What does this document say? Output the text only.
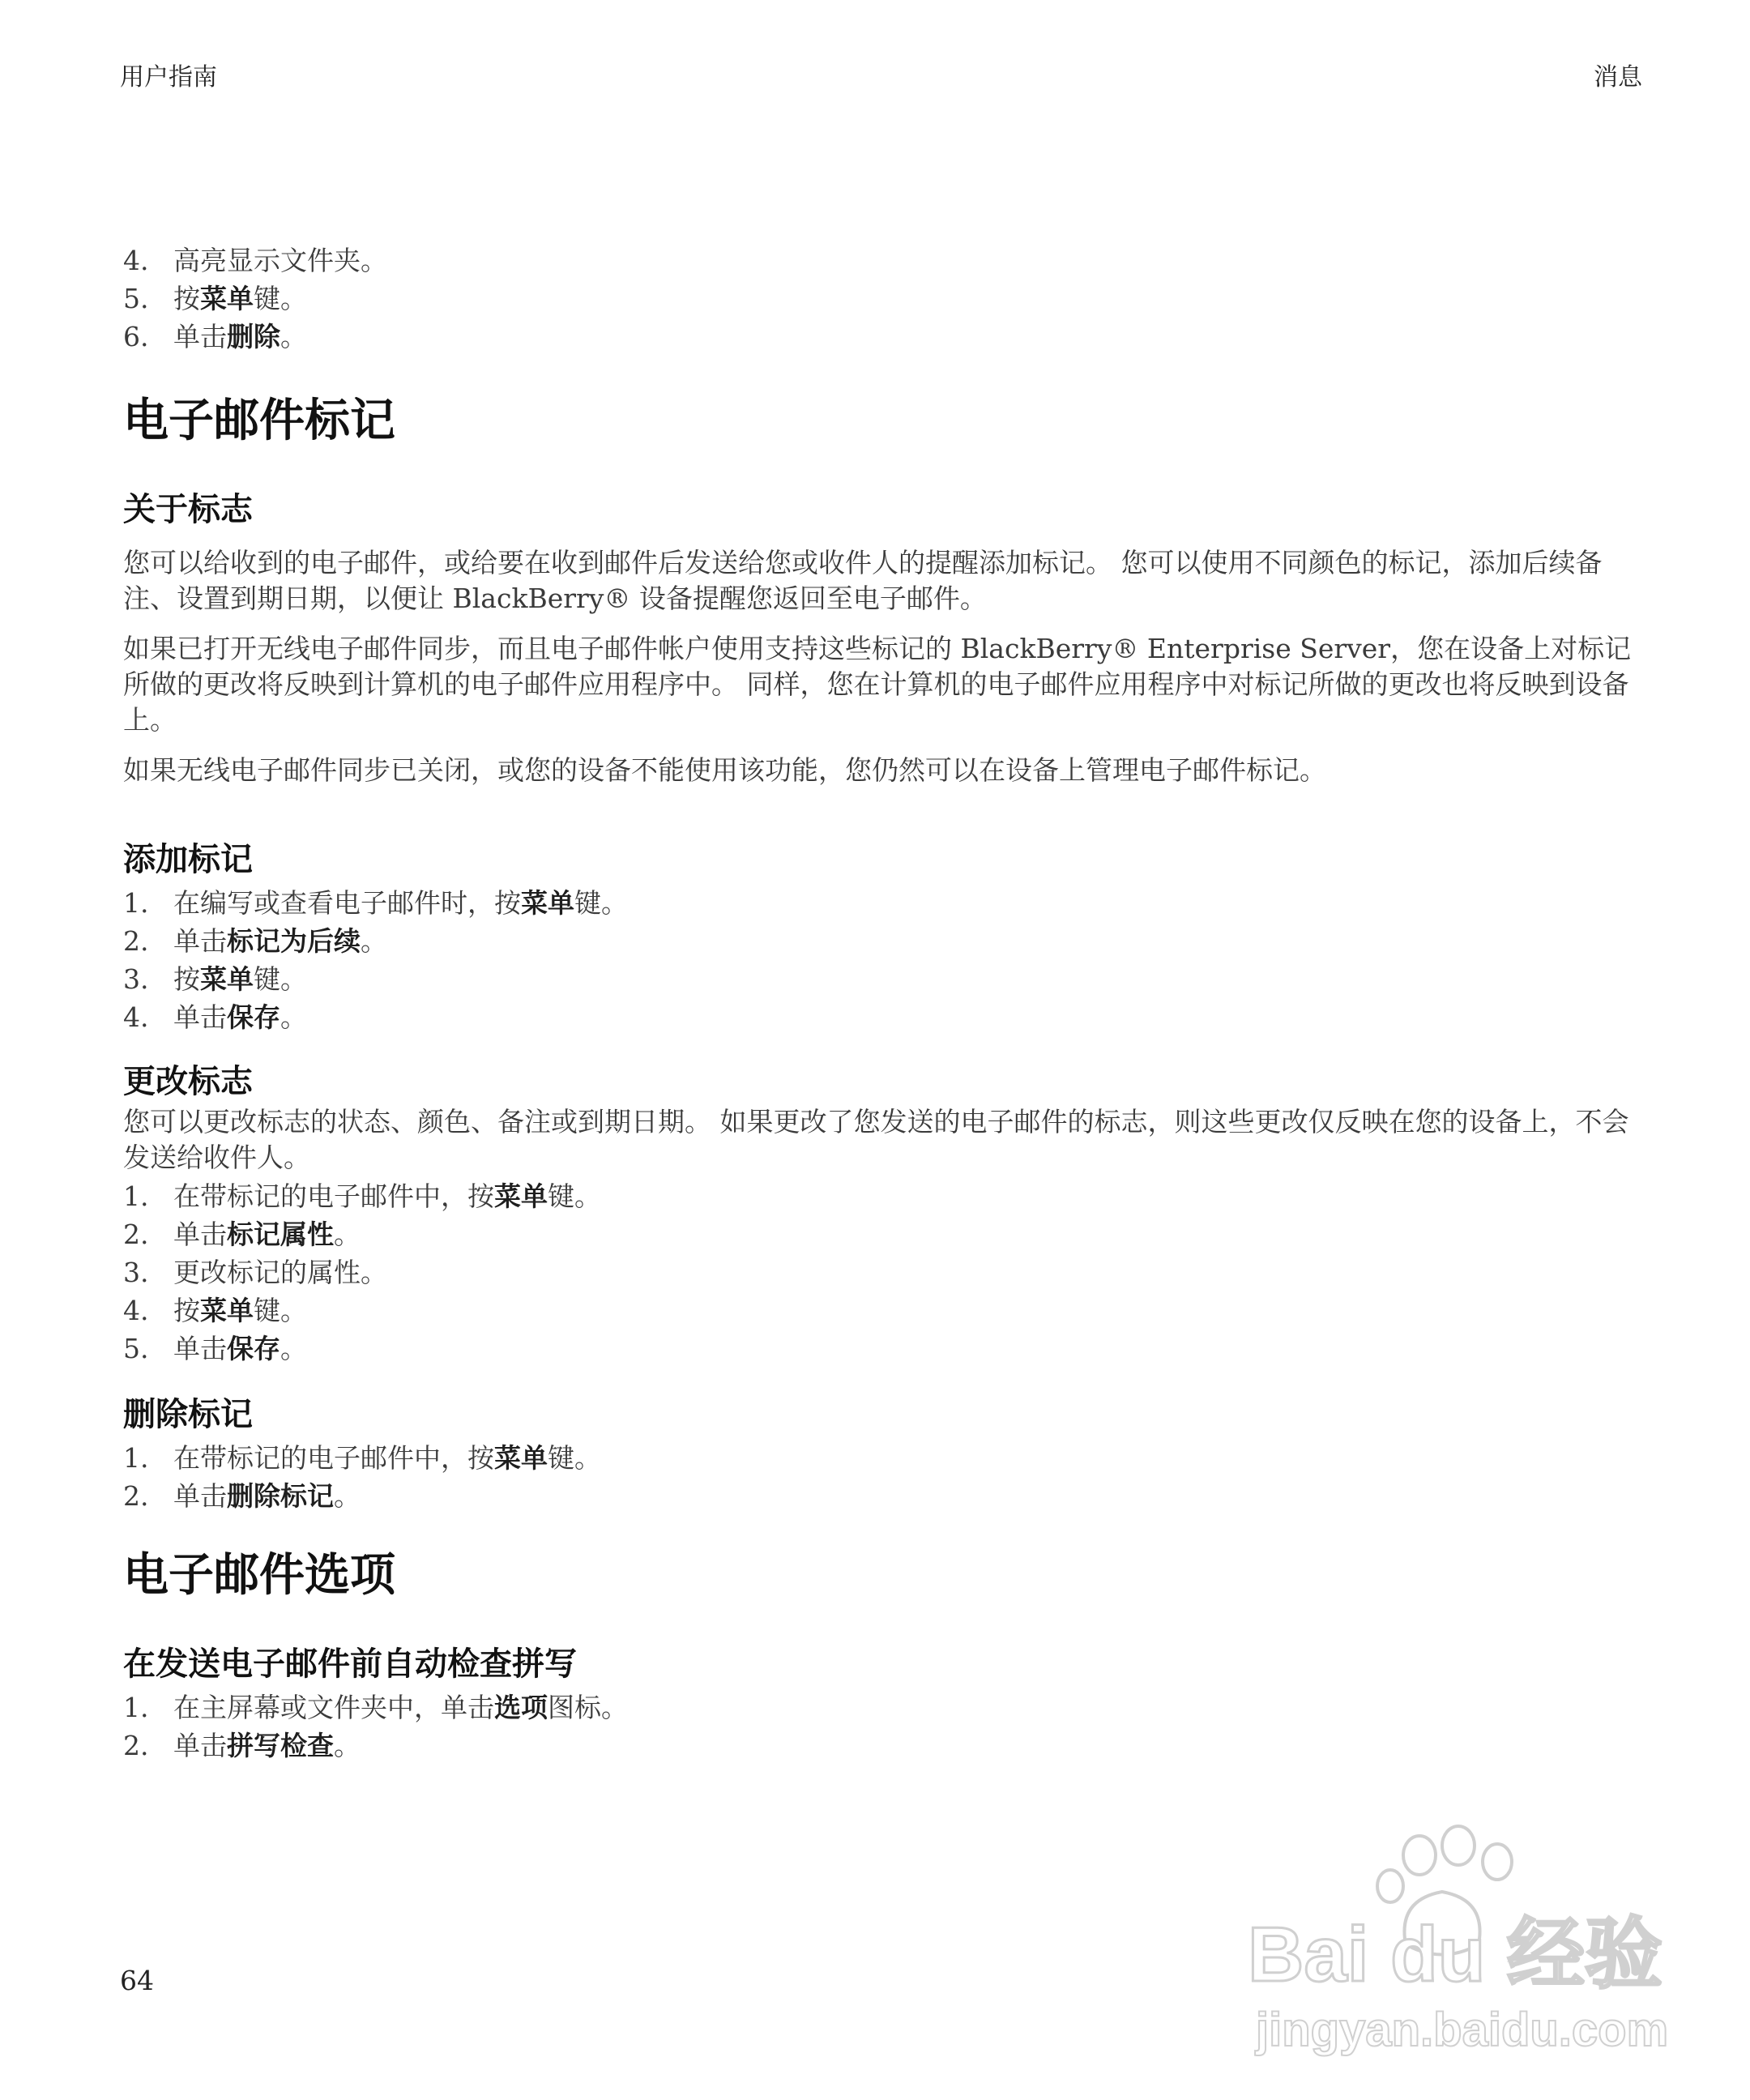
用户指南	消息
4. 高亮显示文件夹。
5. 按菜单键。
6. 单击删除。
电子邮件标记
关于标志

您可以给收到的电子邮件，或给要在收到邮件后发送给您或收件人的提醒添加标记。 您可以使用不同颜色的标记，添加后续备注、设置到期日期，以便让 BlackBerry® 设备提醒您返回至电子邮件。

如果已打开无线电子邮件同步，而且电子邮件帐户使用支持这些标记的 BlackBerry® Enterprise Server，您在设备上对标记所做的更改将反映到计算机的电子邮件应用程序中。 同样，您在计算机的电子邮件应用程序中对标记所做的更改也将反映到设备上。

如果无线电子邮件同步已关闭，或您的设备不能使用该功能，您仍然可以在设备上管理电子邮件标记。

添加标记
1. 在编写或查看电子邮件时，按菜单键。
2. 单击标记为后续。
3. 按菜单键。
4. 单击保存。
更改标志

您可以更改标志的状态、颜色、备注或到期日期。 如果更改了您发送的电子邮件的标志，则这些更改仅反映在您的设备上，不会发送给收件人。

1. 在带标记的电子邮件中，按菜单键。
2. 单击标记属性。
3. 更改标记的属性。
4. 按菜单键。
5. 单击保存。
删除标记
1. 在带标记的电子邮件中，按菜单键。
2. 单击删除标记。
电子邮件选项
在发送电子邮件前自动检查拼写
1. 在主屏幕或文件夹中，单击选项图标。
2. 单击拼写检查。
64	Bai du 经验
jingyan.baidu.com
